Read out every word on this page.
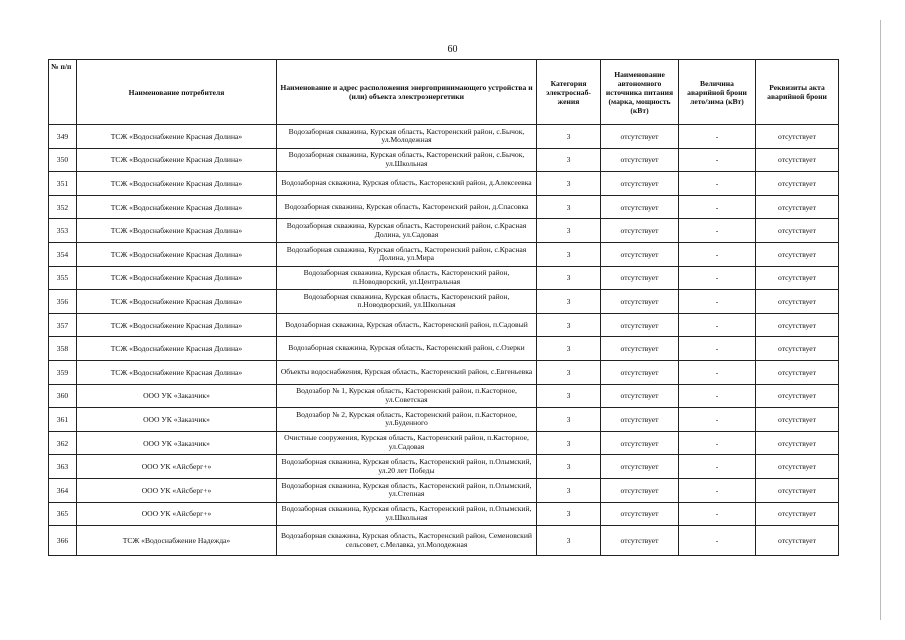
60
№ п/п	Наименование потребителя	Наименование и адрес расположения энергопринимающего устройства и (или) объекта электроэнергетики	Категория электроснаб-жения	Наименование автономного источника питания (марка, мощность (кВт)	Величина аварийной брони лето/зима (кВт)	Реквизиты акта аварийной брони
349	ТСЖ «Водоснабжение Красная Долина»	Водозаборная скважина, Курская область, Касторенский район, с.Бычок, ул.Молодежная	3	отсутствует	-	отсутствует
350	ТСЖ «Водоснабжение Красная Долина»	Водозаборная скважина, Курская область, Касторенский район, с.Бычок, ул.Школьная	3	отсутствует	-	отсутствует
351	ТСЖ «Водоснабжение Красная Долина»	Водозаборная скважина, Курская область, Касторенский район, д.Алексеевка	3	отсутствует	-	отсутствует
352	ТСЖ «Водоснабжение Красная Долина»	Водозаборная скважина, Курская область, Касторенский район, д.Спасовка	3	отсутствует	-	отсутствует
353	ТСЖ «Водоснабжение Красная Долина»	Водозаборная скважина, Курская область, Касторенский район, с.Красная Долина, ул.Садовая	3	отсутствует	-	отсутствует
354	ТСЖ «Водоснабжение Красная Долина»	Водозаборная скважина, Курская область, Касторенский район, с.Красная Долина, ул.Мира	3	отсутствует	-	отсутствует
355	ТСЖ «Водоснабжение Красная Долина»	Водозаборная скважина, Курская область, Касторенский район, п.Новодворский, ул.Центральная	3	отсутствует	-	отсутствует
356	ТСЖ «Водоснабжение Красная Долина»	Водозаборная скважина, Курская область, Касторенский район, п.Новодворский, ул.Школьная	3	отсутствует	-	отсутствует
357	ТСЖ «Водоснабжение Красная Долина»	Водозаборная скважина, Курская область, Касторенский район, п.Садовый	3	отсутствует	-	отсутствует
358	ТСЖ «Водоснабжение Красная Долина»	Водозаборная скважина, Курская область, Касторенский район, с.Озерки	3	отсутствует	-	отсутствует
359	ТСЖ «Водоснабжение Красная Долина»	Объекты водоснабжения, Курская область, Касторенский район, с.Евгеньевка	3	отсутствует	-	отсутствует
360	ООО УК «Заказчик»	Водозабор № 1, Курская область, Касторенский район, п.Касторное, ул.Советская	3	отсутствует	-	отсутствует
361	ООО УК «Заказчик»	Водозабор № 2, Курская область, Касторенский район, п.Касторное, ул.Буденного	3	отсутствует	-	отсутствует
362	ООО УК «Заказчик»	Очистные сооружения, Курская область, Касторенский район, п.Касторное, ул.Садовая	3	отсутствует	-	отсутствует
363	ООО УК «Айсберг+»	Водозаборная скважина, Курская область, Касторенский район, п.Олымский, ул.20 лет Победы	3	отсутствует	-	отсутствует
364	ООО УК «Айсберг+»	Водозаборная скважина, Курская область, Касторенский район, п.Олымский, ул.Степная	3	отсутствует	-	отсутствует
365	ООО УК «Айсберг+»	Водозаборная скважина, Курская область, Касторенский район, п.Олымский, ул.Школьная	3	отсутствует	-	отсутствует
366	ТСЖ «Водоснабжение Надежда»	Водозаборная скважина, Курская область, Касторенский район, Семеновский сельсовет, с.Мелавка, ул.Молодежная	3	отсутствует	-	отсутствует
